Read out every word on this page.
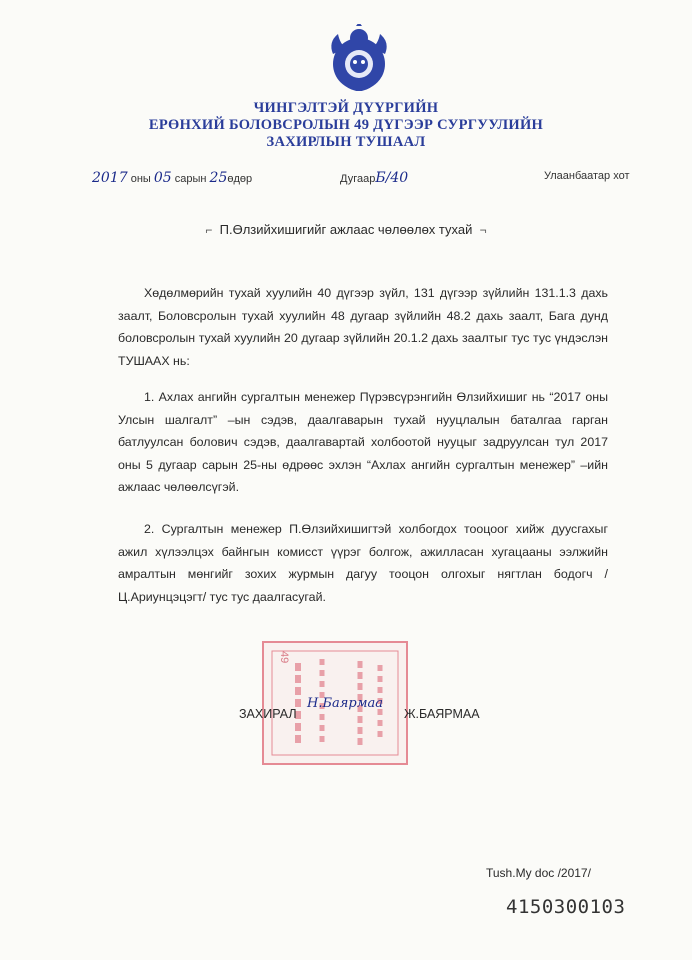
ЧИНГЭЛТЭЙ ДҮҮРГИЙН
ЕРӨНХИЙ БОЛОВСРОЛЫН 49 ДҮГЭЭР СУРГУУЛИЙН
ЗАХИРЛЫН ТУШААЛ
2017 оны 05 сарын 25өдөр	ДугаарБ/40	Улаанбаатар хот
⌐ П.Өлзийхишигийг ажлаас чөлөөлөх тухай ¬
Хөдөлмөрийн тухай хуулийн 40 дүгээр зүйл, 131 дүгээр зүйлийн 131.1.3 дахь заалт, Боловсролын тухай хуулийн 48 дугаар зүйлийн 48.2 дахь заалт, Бага дунд боловсролын тухай хуулийн 20 дугаар зүйлийн 20.1.2 дахь заалтыг тус тус үндэслэн ТУШААХ нь:
1. Ахлах ангийн сургалтын менежер Пүрэвсүрэнгийн Өлзийхишиг нь “2017 оны Улсын шалгалт” –ын сэдэв, даалгаварын тухай нууцлалын баталгаа гарган батлуулсан болович сэдэв, даалгавартай холбоотой нууцыг задруулсан тул 2017 оны 5 дугаар сарын 25-ны өдрөөс эхлэн “Ахлах ангийн сургалтын менежер” –ийн ажлаас чөлөөлсүгэй.
2. Сургалтын менежер П.Өлзийхишигтэй холбогдох тооцоог хийж дуусгахыг ажил хүлээлцэх байнгын комисст үүрэг болгож, ажилласан хугацааны ээлжийн амралтын мөнгийг зохих журмын дагуу тооцон олгохыг нягтлан бодогч /Ц.Ариунцэцэгт/ тус тус даалгасугай.
49
ЗАХИРАЛ
Н.Баярмаа
Ж.БАЯРМАА
Tush.My doc /2017/
4150300103
